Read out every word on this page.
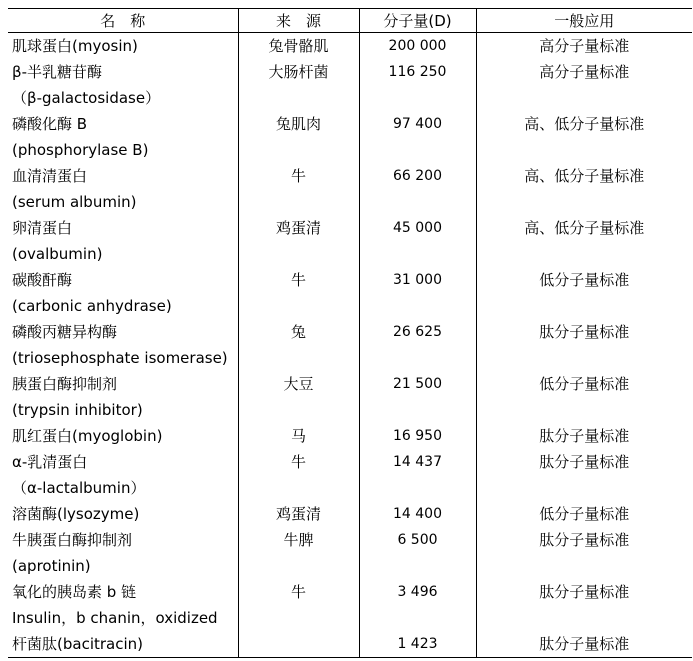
名　称	来　源	分子量(D)	一般应用

肌球蛋白(myosin)	兔骨骼肌	200 000	高分子量标准

β-半乳糖苷酶
（β-galactosidase）	大肠杆菌	116 250	高分子量标准

磷酸化酶 B
(phosphorylase B)	兔肌肉	97 400	高、低分子量标准

血清清蛋白
(serum albumin)	牛	66 200	高、低分子量标准

卵清蛋白
(ovalbumin)	鸡蛋清	45 000	高、低分子量标准

碳酸酐酶
(carbonic anhydrase)	牛	31 000	低分子量标准

磷酸丙糖异构酶
(triosephosphate isomerase)	兔	26 625	肽分子量标准

胰蛋白酶抑制剂
(trypsin inhibitor)	大豆	21 500	低分子量标准

肌红蛋白(myoglobin)	马	16 950	肽分子量标准

α-乳清蛋白
（α-lactalbumin）	牛	14 437	肽分子量标准

溶菌酶(lysozyme)	鸡蛋清	14 400	低分子量标准

牛胰蛋白酶抑制剂
(aprotinin)	牛脾	6 500	肽分子量标准

氧化的胰岛素 b 链
Insulin，b chanin，oxidized	牛	3 496	肽分子量标准

杆菌肽(bacitracin)		1 423	肽分子量标准
